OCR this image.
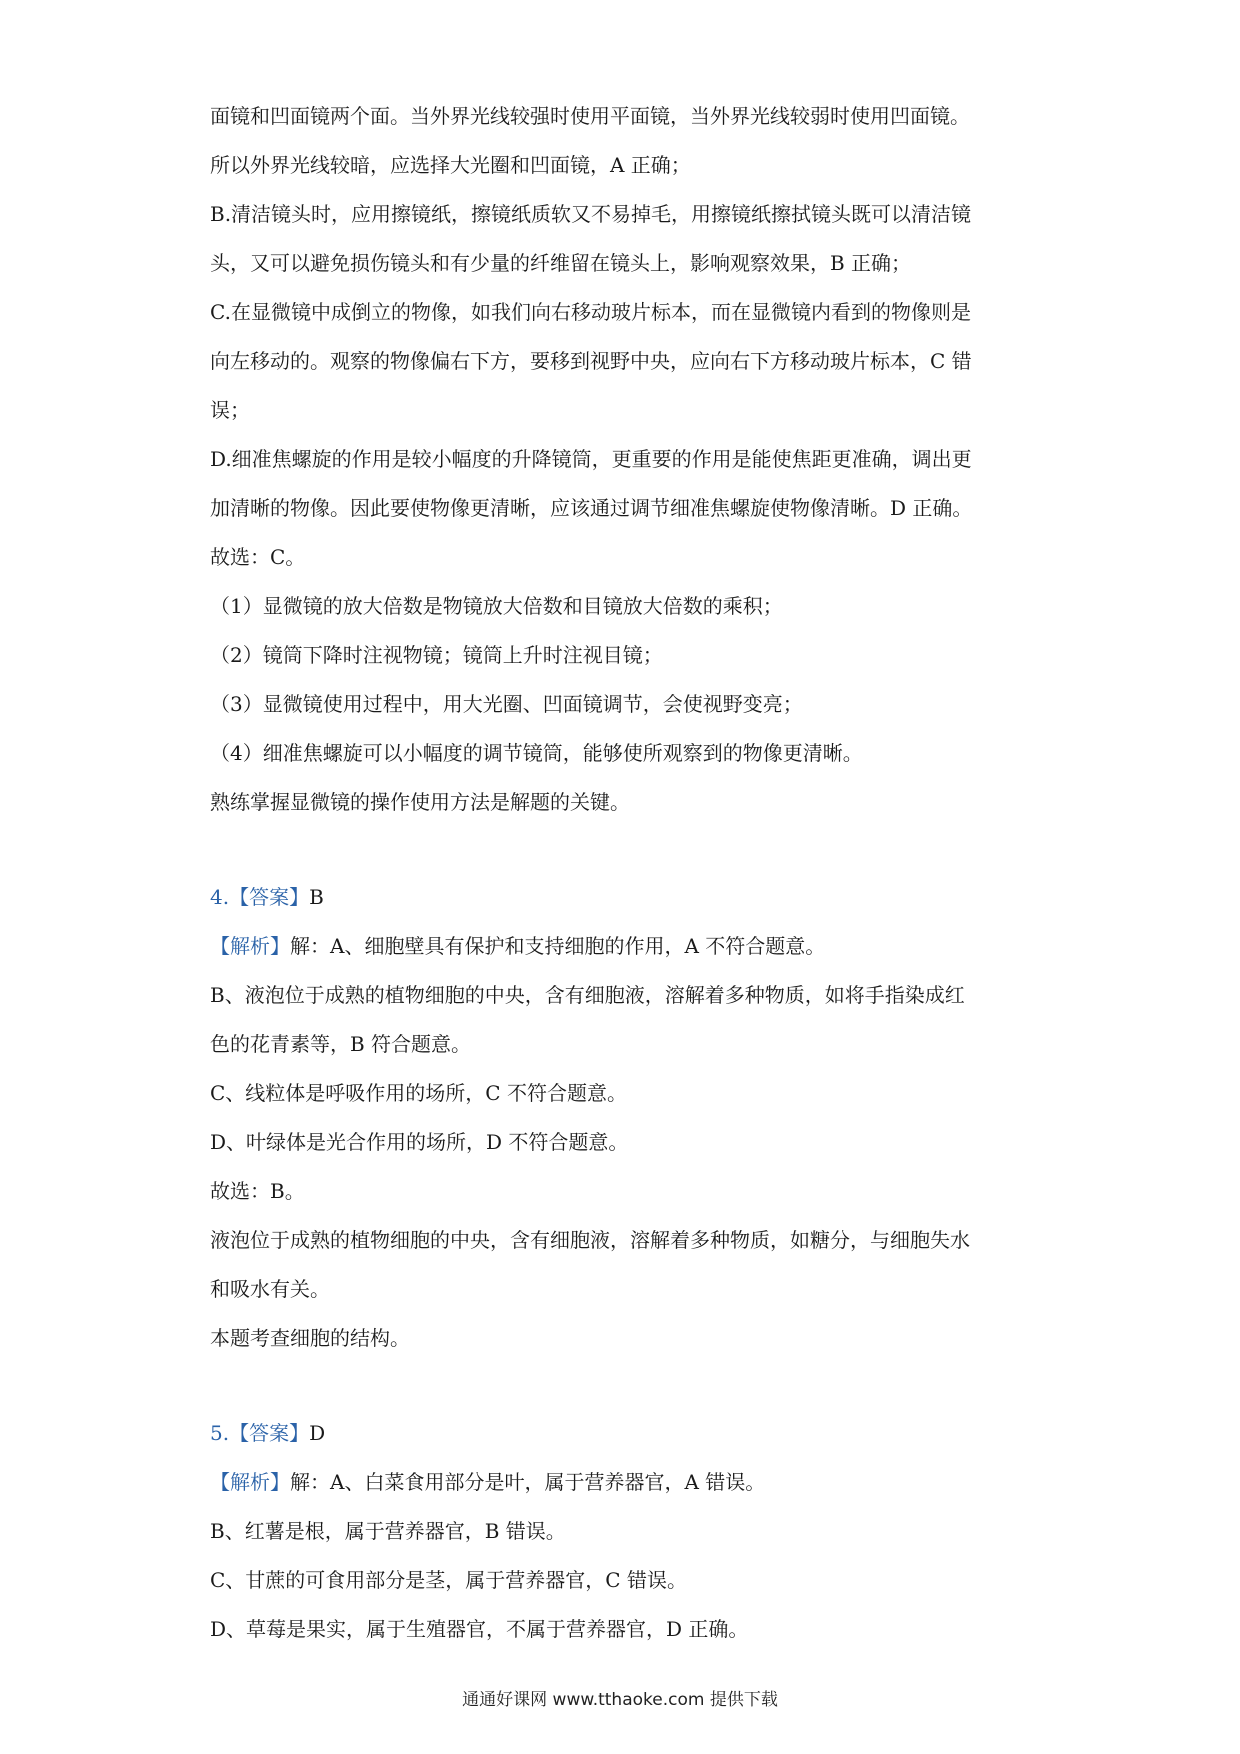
面镜和凹面镜两个面。当外界光线较强时使用平面镜，当外界光线较弱时使用凹面镜。
所以外界光线较暗，应选择大光圈和凹面镜，A 正确；
B.清洁镜头时，应用擦镜纸，擦镜纸质软又不易掉毛，用擦镜纸擦拭镜头既可以清洁镜
头，又可以避免损伤镜头和有少量的纤维留在镜头上，影响观察效果，B 正确；
C.在显微镜中成倒立的物像，如我们向右移动玻片标本，而在显微镜内看到的物像则是
向左移动的。观察的物像偏右下方，要移到视野中央，应向右下方移动玻片标本，C 错
误；
D.细准焦螺旋的作用是较小幅度的升降镜筒，更重要的作用是能使焦距更准确，调出更
加清晰的物像。因此要使物像更清晰，应该通过调节细准焦螺旋使物像清晰。D 正确。
故选：C。
（1）显微镜的放大倍数是物镜放大倍数和目镜放大倍数的乘积；
（2）镜筒下降时注视物镜；镜筒上升时注视目镜；
（3）显微镜使用过程中，用大光圈、凹面镜调节，会使视野变亮；
（4）细准焦螺旋可以小幅度的调节镜筒，能够使所观察到的物像更清晰。
熟练掌握显微镜的操作使用方法是解题的关键。
4.【答案】B
【解析】解：A、细胞壁具有保护和支持细胞的作用，A 不符合题意。
B、液泡位于成熟的植物细胞的中央，含有细胞液，溶解着多种物质，如将手指染成红
色的花青素等，B 符合题意。
C、线粒体是呼吸作用的场所，C 不符合题意。
D、叶绿体是光合作用的场所，D 不符合题意。
故选：B。
液泡位于成熟的植物细胞的中央，含有细胞液，溶解着多种物质，如糖分，与细胞失水
和吸水有关。
本题考查细胞的结构。
5.【答案】D
【解析】解：A、白菜食用部分是叶，属于营养器官，A 错误。
B、红薯是根，属于营养器官，B 错误。
C、甘蔗的可食用部分是茎，属于营养器官，C 错误。
D、草莓是果实，属于生殖器官，不属于营养器官，D 正确。
通通好课网 www.tthaoke.com 提供下载
